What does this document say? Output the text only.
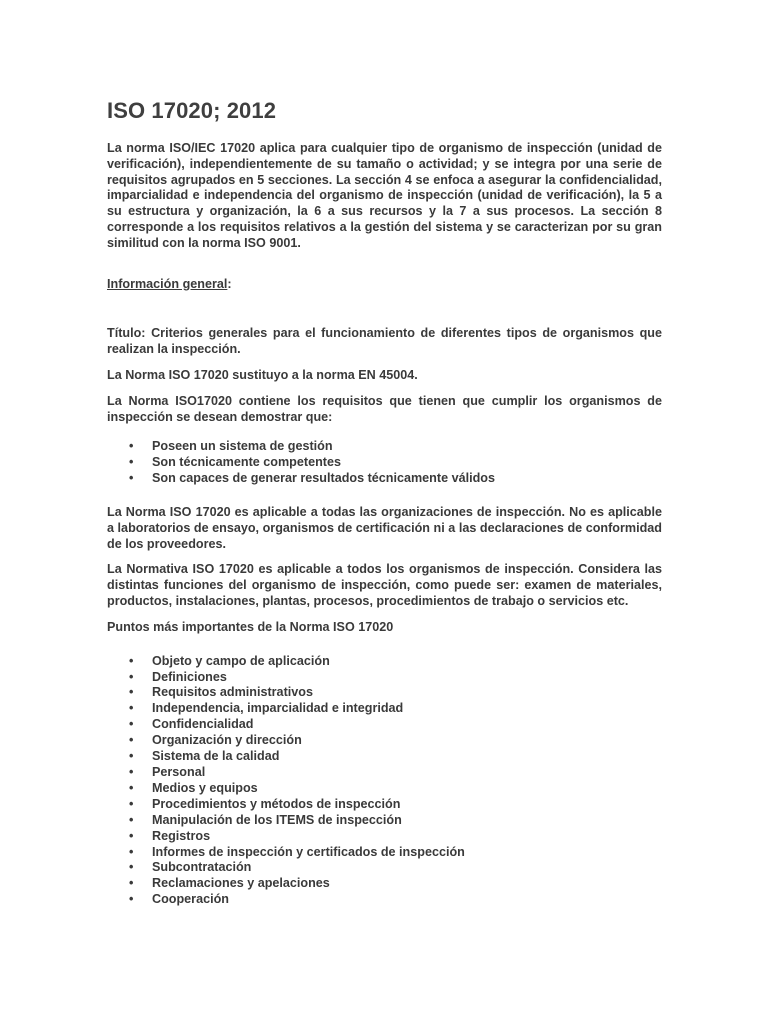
ISO 17020; 2012

La norma ISO/IEC 17020 aplica para cualquier tipo de organismo de inspección (unidad de verificación), independientemente de su tamaño o actividad; y se integra por una serie de requisitos agrupados en 5 secciones. La sección 4 se enfoca a asegurar la confidencialidad, imparcialidad e independencia del organismo de inspección (unidad de verificación), la 5 a su estructura y organización, la 6 a sus recursos y la 7 a sus procesos. La sección 8 corresponde a los requisitos relativos a la gestión del sistema y se caracterizan por su gran similitud con la norma ISO 9001.

Información general:

Título: Criterios generales para el funcionamiento de diferentes tipos de organismos que realizan la inspección.

La Norma ISO 17020 sustituyo a la norma EN 45004.

La Norma ISO17020 contiene los requisitos que tienen que cumplir los organismos de inspección se desean demostrar que:

• Poseen un sistema de gestión
• Son técnicamente competentes
• Son capaces de generar resultados técnicamente válidos

La Norma ISO 17020 es aplicable a todas las organizaciones de inspección. No es aplicable a laboratorios de ensayo, organismos de certificación ni a las declaraciones de conformidad de los proveedores.

La Normativa ISO 17020 es aplicable a todos los organismos de inspección. Considera las distintas funciones del organismo de inspección, como puede ser: examen de materiales, productos, instalaciones, plantas, procesos, procedimientos de trabajo o servicios etc.

Puntos más importantes de la Norma ISO 17020

• Objeto y campo de aplicación
• Definiciones
• Requisitos administrativos
• Independencia, imparcialidad e integridad
• Confidencialidad
• Organización y dirección
• Sistema de la calidad
• Personal
• Medios y equipos
• Procedimientos y métodos de inspección
• Manipulación de los ITEMS de inspección
• Registros
• Informes de inspección y certificados de inspección
• Subcontratación
• Reclamaciones y apelaciones
• Cooperación
